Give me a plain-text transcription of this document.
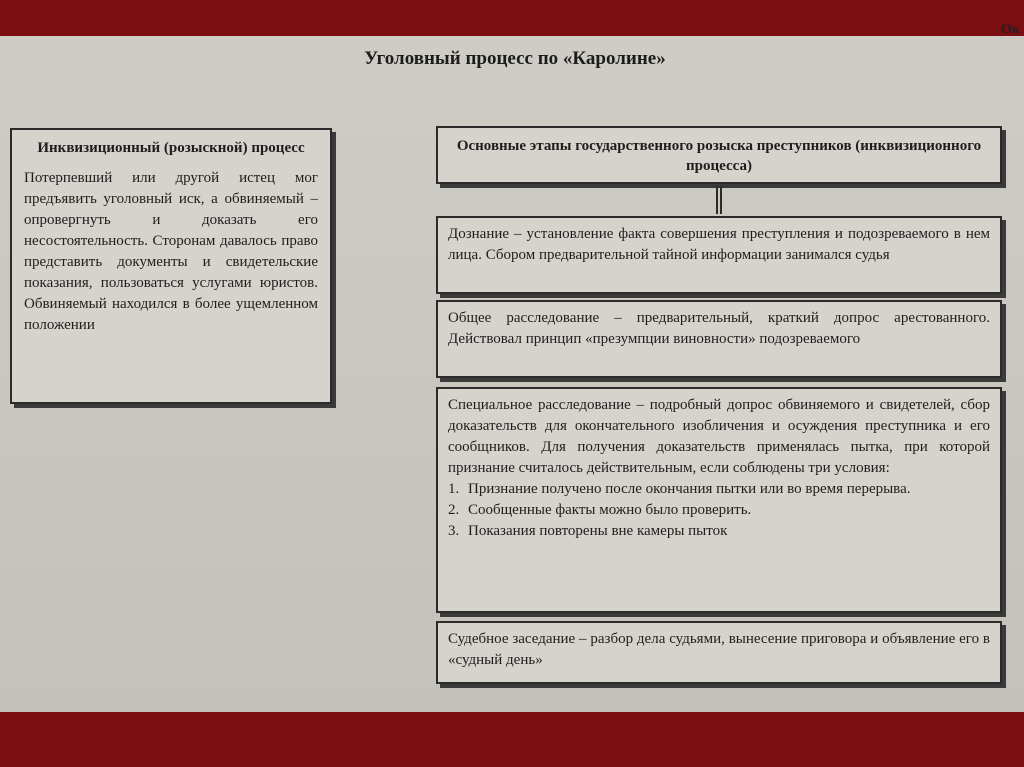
Ок
Уголовный процесс по «Каролине»
Инквизиционный (розыскной) процесс
Потерпевший или другой истец мог предъявить уголовный иск, а обвиняемый – опровергнуть и доказать его несостоятельность. Сторонам давалось право представить документы и свидетельские показания, пользоваться услугами юристов. Обвиняемый находился в более ущемленном положении
Основные этапы государственного розыска преступников (инквизиционного процесса)
Дознание – установление факта совершения преступления и подозреваемого в нем лица. Сбором предварительной тайной информации занимался судья
Общее расследование – предварительный, краткий допрос арестованного. Действовал принцип «презумпции виновности» подозреваемого
Специальное расследование – подробный допрос обвиняемого и свидетелей, сбор доказательств для окончательного изобличения и осуждения преступника и его сообщников. Для получения доказательств применялась пытка, при которой признание считалось действительным, если соблюдены три условия:
1. Признание получено после окончания пытки или во время перерыва.
2. Сообщенные факты можно было проверить.
3. Показания повторены вне камеры пыток
Судебное заседание – разбор дела судьями, вынесение приговора и объявление его в «судный день»
